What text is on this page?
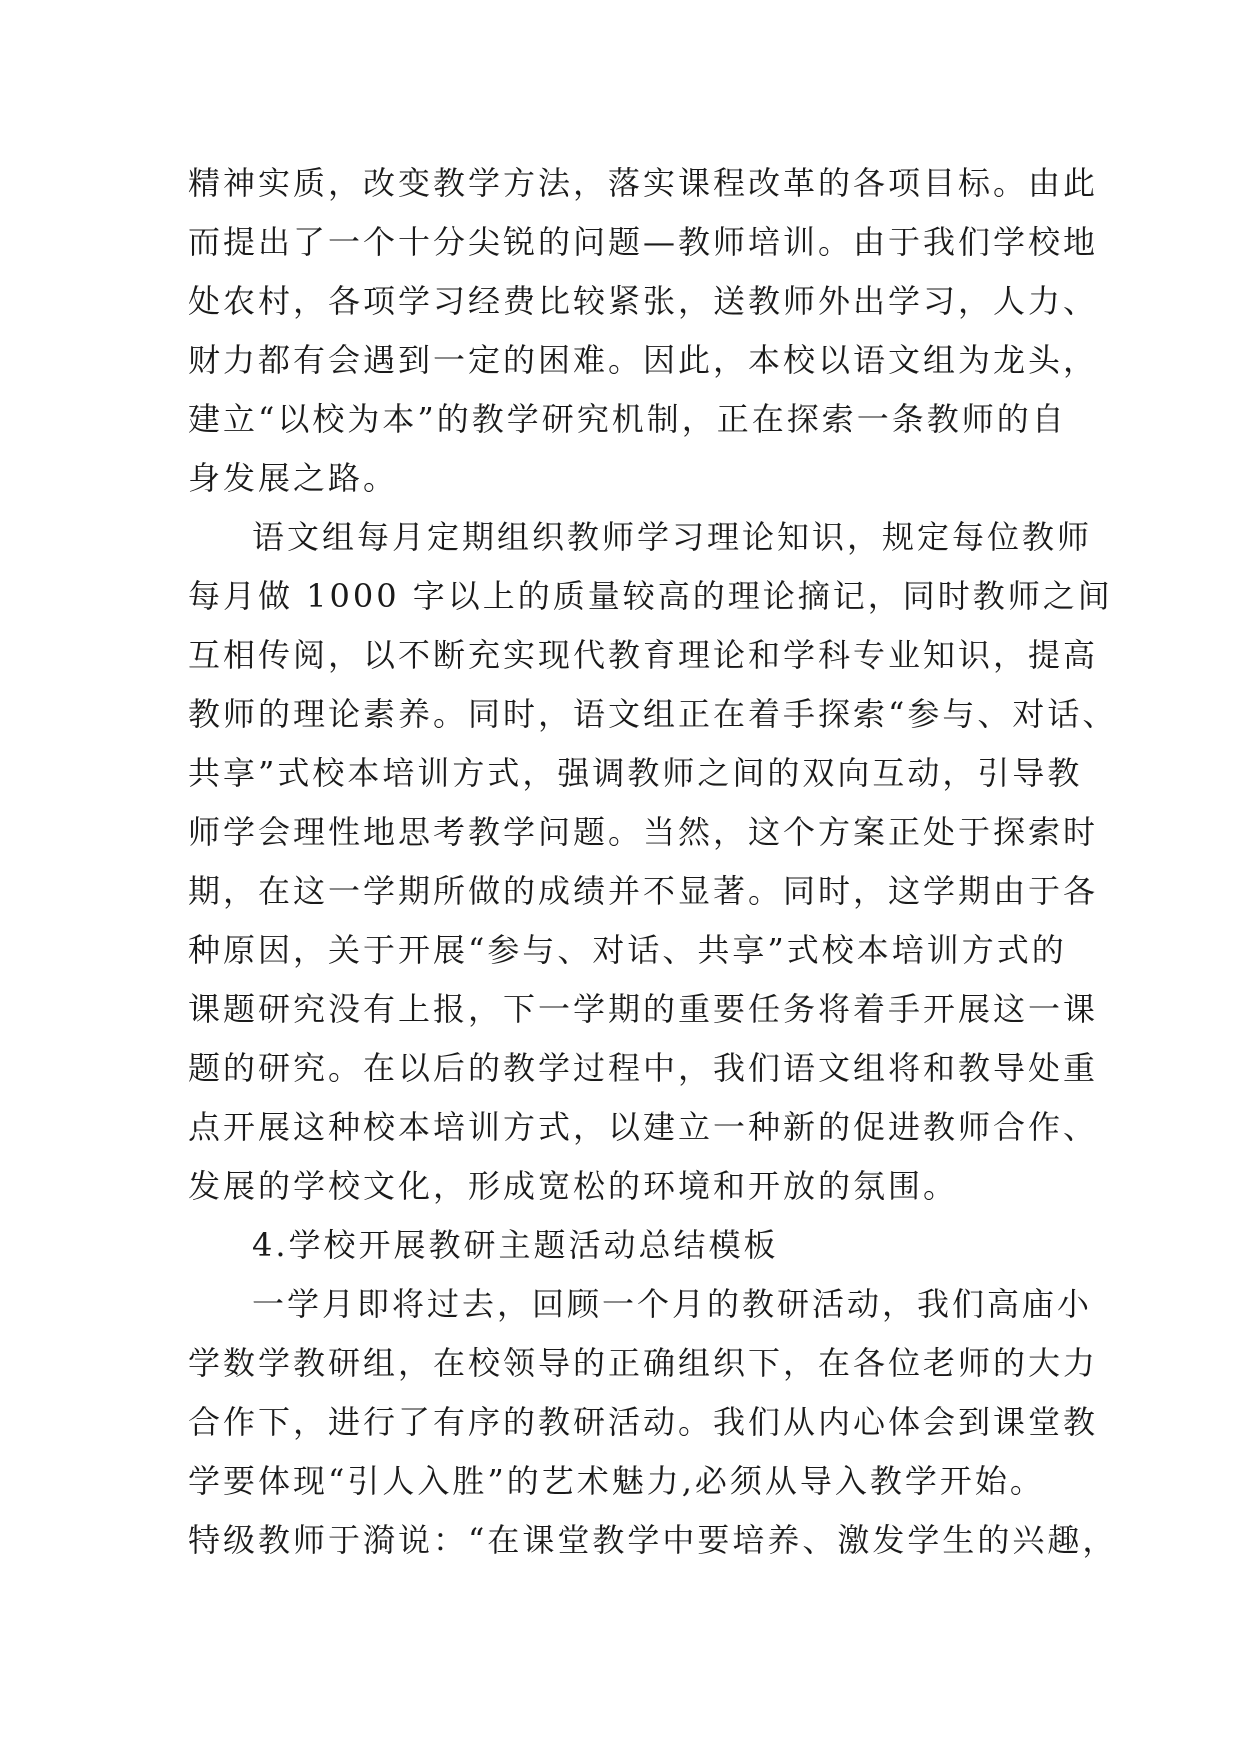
精神实质，改变教学方法，落实课程改革的各项目标。由此
而提出了一个十分尖锐的问题—教师培训。由于我们学校地
处农村，各项学习经费比较紧张，送教师外出学习，人力、
财力都有会遇到一定的困难。因此，本校以语文组为龙头，
建立“以校为本”的教学研究机制，正在探索一条教师的自
身发展之路。
语文组每月定期组织教师学习理论知识，规定每位教师
每月做 1000 字以上的质量较高的理论摘记，同时教师之间
互相传阅，以不断充实现代教育理论和学科专业知识，提高
教师的理论素养。同时，语文组正在着手探索“参与、对话、
共享”式校本培训方式，强调教师之间的双向互动，引导教
师学会理性地思考教学问题。当然，这个方案正处于探索时
期，在这一学期所做的成绩并不显著。同时，这学期由于各
种原因，关于开展“参与、对话、共享”式校本培训方式的
课题研究没有上报，下一学期的重要任务将着手开展这一课
题的研究。在以后的教学过程中，我们语文组将和教导处重
点开展这种校本培训方式，以建立一种新的促进教师合作、
发展的学校文化，形成宽松的环境和开放的氛围。
4.学校开展教研主题活动总结模板
一学月即将过去，回顾一个月的教研活动，我们高庙小
学数学教研组，在校领导的正确组织下，在各位老师的大力
合作下，进行了有序的教研活动。我们从内心体会到课堂教
学要体现“引人入胜”的艺术魅力,必须从导入教学开始。
特级教师于漪说：“在课堂教学中要培养、激发学生的兴趣，
